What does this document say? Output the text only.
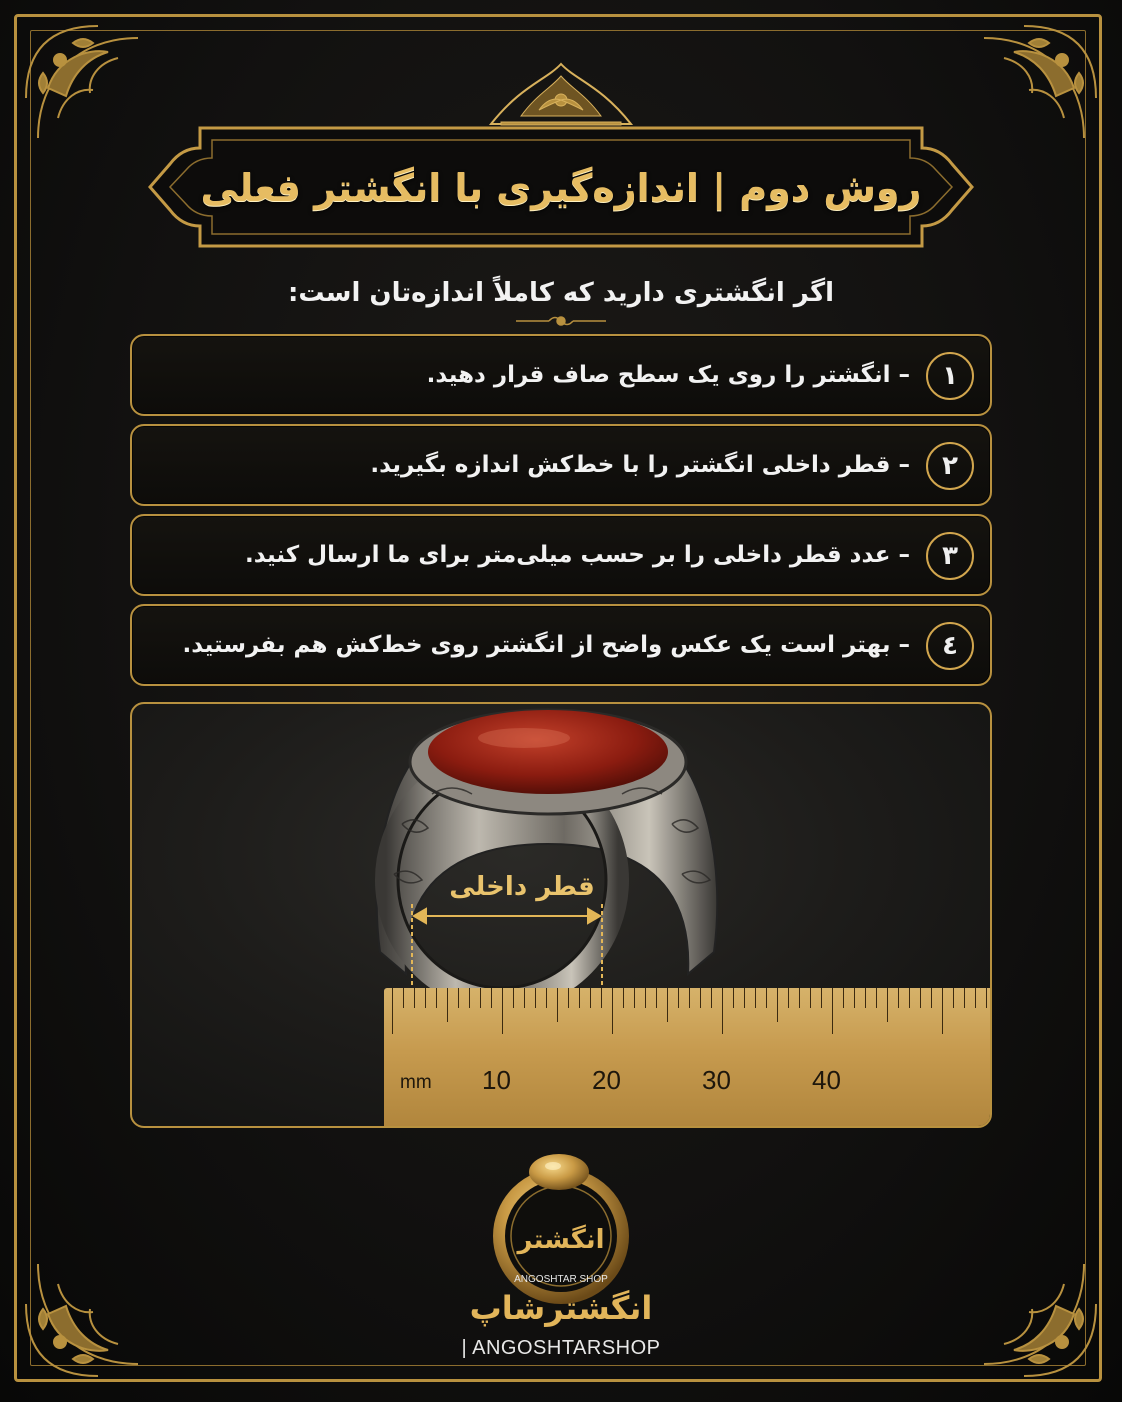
روش دوم | اندازه‌گیری با انگشتر فعلی
اگر انگشتری دارید که کاملاً اندازه‌تان است:
۱
– انگشتر را روی یک سطح صاف قرار دهید.
۲
– قطر داخلی انگشتر را با خط‌کش اندازه بگیرید.
۳
– عدد قطر داخلی را بر حسب میلی‌متر برای ما ارسال کنید.
٤
– بهتر است یک عکس واضح از انگشتر روی خط‌کش هم بفرستید.
قطر داخلی
mm 10	20	30	40
انگشتر
ANGOSHTAR SHOP
انگشترشاپ
| ANGOSHTARSHOP
